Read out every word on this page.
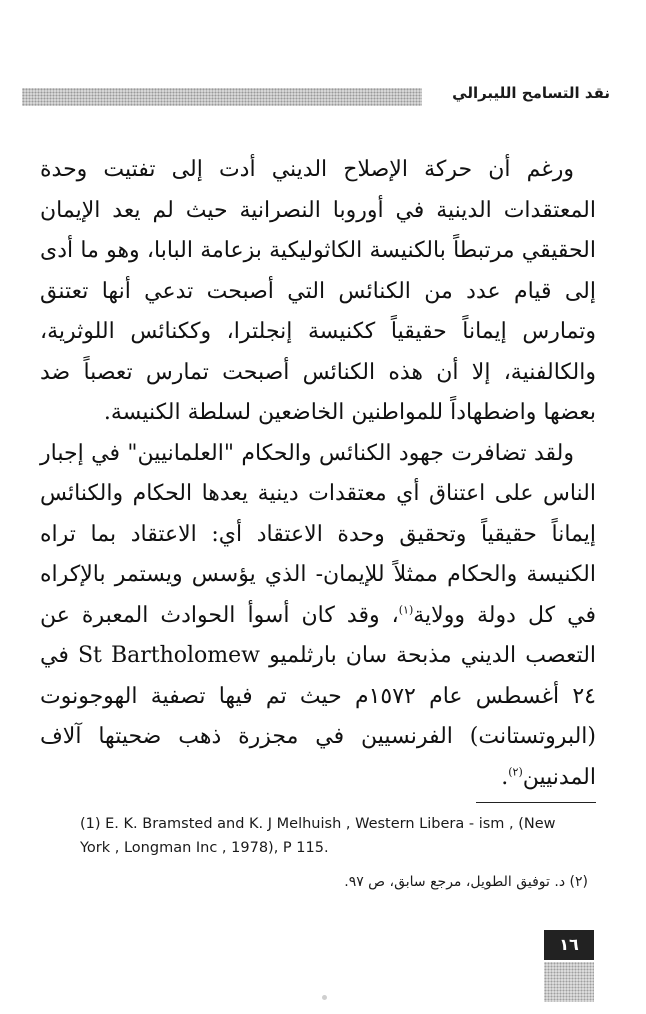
نقد التسامح الليبرالي

ورغم أن حركة الإصلاح الديني أدت إلى تفتيت وحدة المعتقدات الدينية في أوروبا النصرانية حيث لم يعد الإيمان الحقيقي مرتبطاً بالكنيسة الكاثوليكية بزعامة البابا، وهو ما أدى إلى قيام عدد من الكنائس التي أصبحت تدعي أنها تعتنق وتمارس إيماناً حقيقياً ككنيسة إنجلترا، وككنائس اللوثرية، والكالفنية، إلا أن هذه الكنائس أصبحت تمارس تعصباً ضد بعضها واضطهاداً للمواطنين الخاضعين لسلطة الكنيسة.

ولقد تضافرت جهود الكنائس والحكام "العلمانيين" في إجبار الناس على اعتناق أي معتقدات دينية يعدها الحكام والكنائس إيماناً حقيقياً وتحقيق وحدة الاعتقاد أي: الاعتقاد بما تراه الكنيسة والحكام ممثلاً للإيمان- الذي يؤسس ويستمر بالإكراه في كل دولة وولاية$^{(١)}$، وقد كان أسوأ الحوادث المعبرة عن التعصب الديني مذبحة سان بارثلميو St Bartholomew في ٢٤ أغسطس عام ١٥٧٢م حيث تم فيها تصفية الهوجونوت (البروتستانت) الفرنسيين في مجزرة ذهب ضحيتها آلاف المدنيين$^{(٢)}$.

(1) E. K. Bramsted and K. J Melhuish , Western Libera - ism , (New York , Longman Inc , 1978), P 115.
(٢) د. توفيق الطويل، مرجع سابق، ص ٩٧.
١٦
